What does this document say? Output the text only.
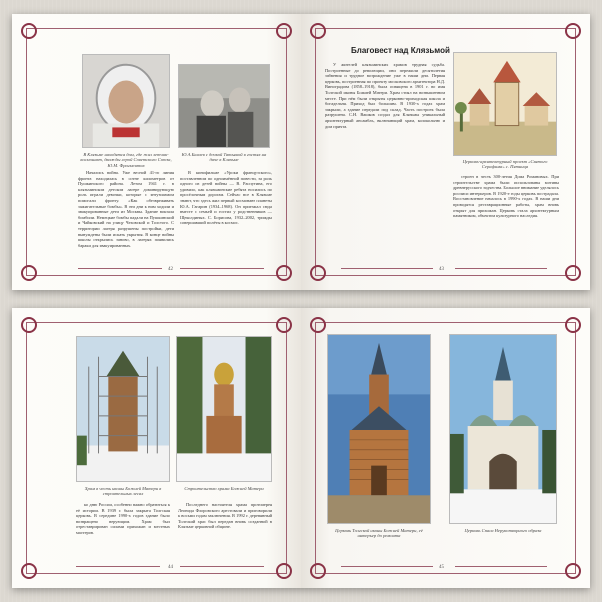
В Клязьме находятся дом, где жил летчик-космонавт, дважды герой Советского Союза, Ю.М. Фрагментов
Ю.А.Багаев с дочкой Татьяной в гостях на даче в Клязьме

Начались война. Уже весной 41-го линия фронта находилась в сотне километров от Пушкинского района. Летом 1941 г. в клязьминском детском лагере доминирующую роль играли девочки, которые с энтузиазмом помогали фронту. «Как обезвреживать зажигательные бомбы». В эти дни к ним ходили и эвакуированные дети из Москвы. Здание вокзала бомбили. Немецкие бомбы падали на Пушкинский и Чайковский на улицу Чеховской и Толстого. С территории лагеря разрушены постройки, дети вынуждены были искать укрытия. В конце войны школы открылись заново, в лагерях появились бараки для эвакуированных.

В кинофильме «Уроки французского», поставленном по одноимённой повести, за роль одного из детей войны — В. Распутина, его удивило, как клязьминские ребята носились по просёлочным дорогам. Сейчас все в Клязьме знают, что здесь жил первый космонавт планеты Ю.А. Гагарин (1934–1968). Он приезжал сюда вместе с семьей и гостил у родственников — Щеколдиных. С. Борисова, 1932–2002, трижды совершавший полёты в космос.

42
Благовест над Клязьмой

У жителей клязьминских храмов трудная судьба. Построенные до революции, они пережили десятилетия забвения и трудное возрождение уже в наши дни. Первая церковь, построенная по проекту московского архитектора Н.Д. Виноградова (1858–1918), была освящена в 1901 г. во имя Толгской иконы Божией Матери. Храм стоял на возвышенном месте. При нём были открыты церковно-приходская школа и богадельня. Приход был большим. В 1930-х годах храм закрыли, а здание передали под склад. Часть построек была разрушена. С.Н. Вашков создал для Клязьмы уникальный архитектурный ансамбль, включающий храм, колокольню и дом причта.

Церковь-архитектурный проект «Святого Серафима» с. Пятница

строен в честь 300-летия Дома Романовых. При строительстве храма были использованы мотивы древнерусского зодчества. Большое внимание уделялось росписи интерьеров. В 1920-е годы церковь пострадала. Восстановление началось в 1990-х годах. В наши дни проводятся реставрационные работы, храм вновь открыт для прихожан. Церковь стала архитектурным памятником, объектом культурного наследия.

43
Храм в честь иконы Божией Матери в строительных лесах
Строительство храма Божией Матери

ко дню России, особенно важно обратиться к её истории. В 1939 г. была закрыта Толгская церковь. В середине 1990-х годов здание было возвращено верующим. Храм был отреставрирован силами прихожан и местных мастеров.

Последнего настоятеля храма протоиерея Леонида Флоровского арестовали и приговорили к восьми годам заключения. В 1992 г. деревянный Толгский храс был передан вновь созданной в Клязьме церковной общине.

44
Церковь Толгской иконы Божией Матери, её интерьер до ремонта
Церковь Спаса Нерукотворного образа
45
